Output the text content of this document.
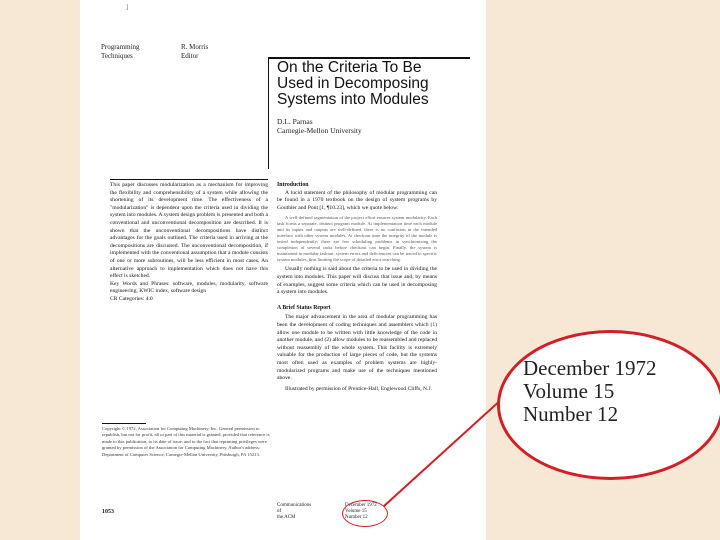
I
Programming
Techniques
R. Morris
Editor
On the Criteria To Be
Used in Decomposing
Systems into Modules
D.L. Parnas
Carnegie-Mellon University
This paper discusses modularization as a mechanism for improving the flexibility and comprehensibility of a system while allowing the shortening of its development time. The effectiveness of a "modularization" is dependent upon the criteria used in dividing the system into modules. A system design problem is presented and both a conventional and unconventional decomposition are described. It is shown that the unconventional decompositions have distinct advantages for the goals outlined. The criteria used in arriving at the decompositions are discussed. The unconventional decomposition, if implemented with the conventional assumption that a module consists of one or more subroutines, will be less efficient in most cases. An alternative approach to implementation which does not have this effect is sketched.
Key Words and Phrases: software, modules, modularity, software engineering, KWIC index, software design
CR Categories: 4.0
Introduction

A lucid statement of the philosophy of modular programming can be found in a 1970 textbook on the design of system programs by Gouthier and Pont [1, ¶10.23], which we quote below:

A well-defined segmentation of the project effort ensures system modularity. Each task forms a separate, distinct program module. At implementation time each module and its inputs and outputs are well-defined, there is no confusion in the intended interface with other system modules. At checkout time the integrity of the module is tested independently; there are few scheduling problems in synchronizing the completion of several tasks before checkout can begin. Finally, the system is maintained in modular fashion; system errors and deficiencies can be traced to specific system modules, thus limiting the scope of detailed error searching.

Usually nothing is said about the criteria to be used in dividing the system into modules. This paper will discuss that issue and, by means of examples, suggest some criteria which can be used in decomposing a system into modules.

A Brief Status Report

The major advancement in the area of modular programming has been the development of coding techniques and assemblers which (1) allow one module to be written with little knowledge of the code in another module, and (2) allow modules to be reassembled and replaced without reassembly of the whole system. This facility is extremely valuable for the production of large pieces of code, but the systems most often used as examples of problem systems are highly-modularized programs and make use of the techniques mentioned above.

Illustrated by permission of Prentice-Hall, Englewood Cliffs, N.J.

Copyright © 1972, Association for Computing Machinery, Inc. General permission to republish, but not for profit, all or part of this material is granted, provided that reference is made to this publication, to its date of issue, and to the fact that reprinting privileges were granted by permission of the Association for Computing Machinery. Author's address: Department of Computer Science, Carnegie-Mellon University, Pittsburgh, PA 15213.
1053
Communications
of
the ACM
December 1972
Volume 15
Number 12
December 1972
Volume 15
Number 12
